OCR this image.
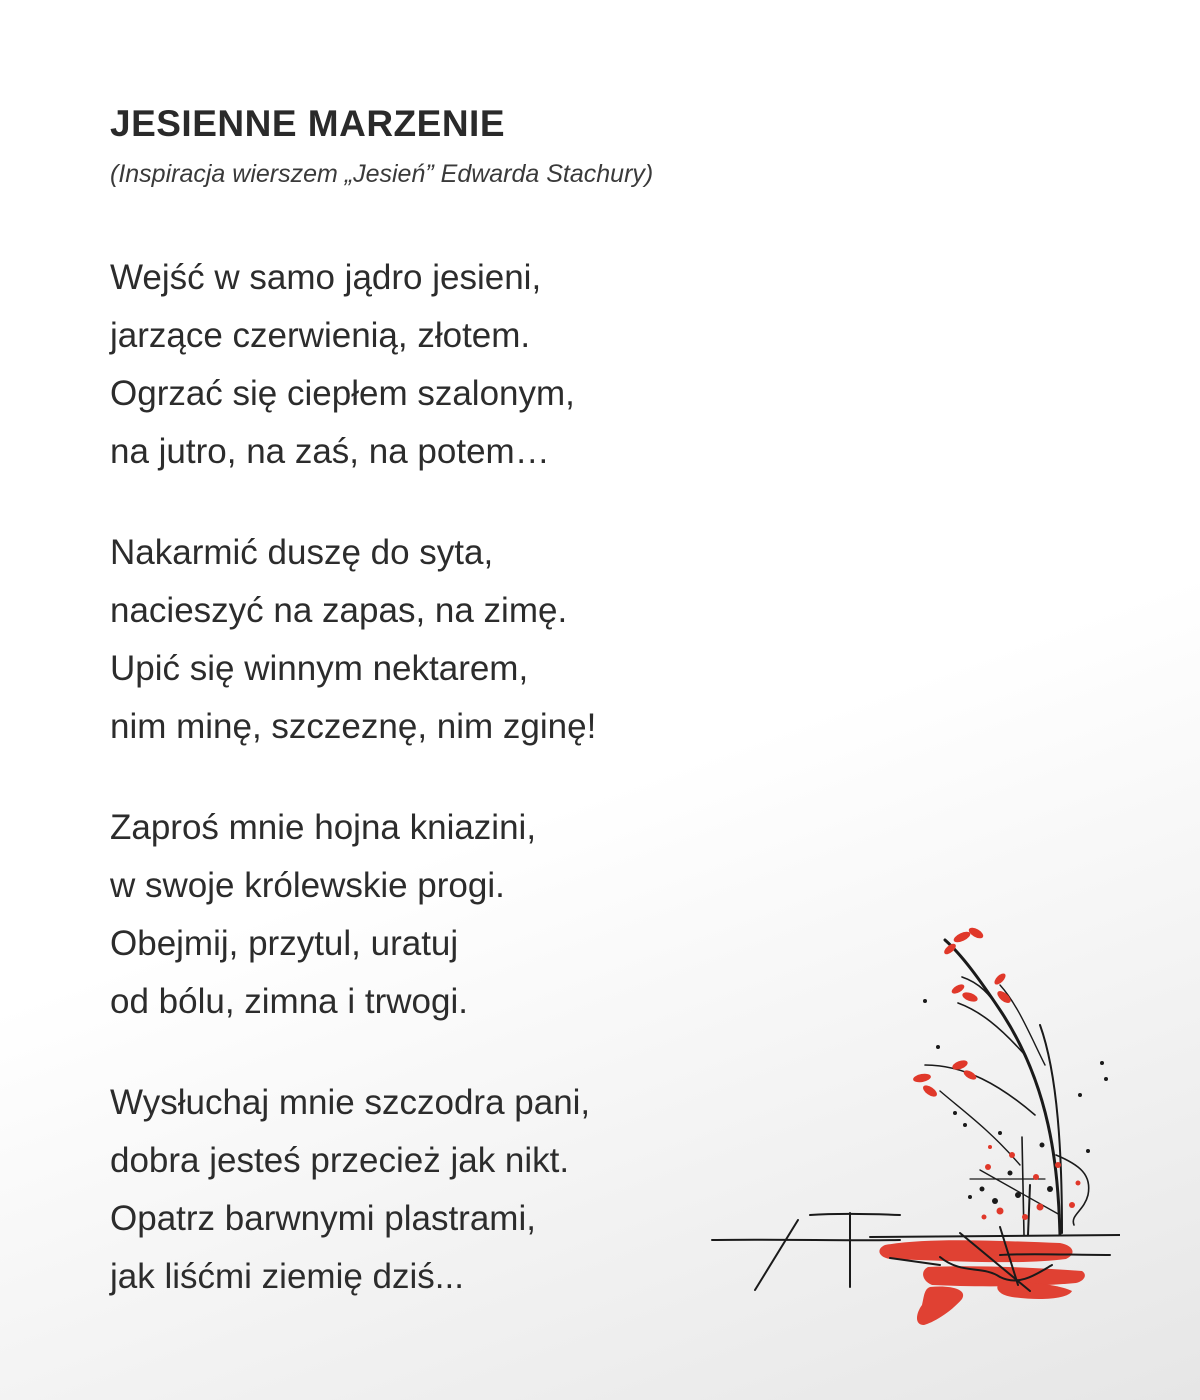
JESIENNE MARZENIE

(Inspiracja wierszem „Jesień” Edwarda Stachury)

Wejść w samo jądro jesieni,
jarzące czerwienią, złotem.
Ogrzać się ciepłem szalonym,
na jutro, na zaś, na potem…
Nakarmić duszę do syta,
nacieszyć na zapas, na zimę.
Upić się winnym nektarem,
nim minę, szczeznę, nim zginę!
Zaproś mnie hojna kniazini,
w swoje królewskie progi.
Obejmij, przytul, uratuj
od bólu, zimna i trwogi.
Wysłuchaj mnie szczodra pani,
dobra jesteś przecież jak nikt.
Opatrz barwnymi plastrami,
jak liśćmi ziemię dziś...
